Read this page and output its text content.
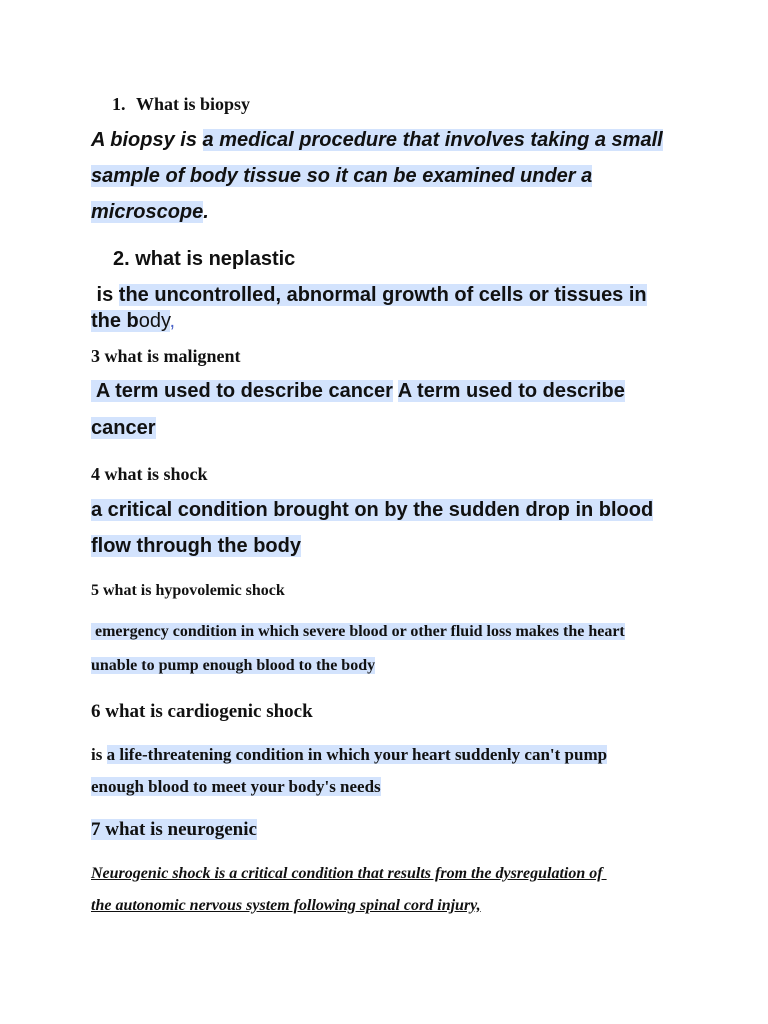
1. What is biopsy
A biopsy is a medical procedure that involves taking a small
sample of body tissue so it can be examined under a
microscope.
2. what is neplastic
is the uncontrolled, abnormal growth of cells or tissues in
the body,
3 what is malignent
A term used to describe cancer A term used to describe
cancer
4 what is shock
a critical condition brought on by the sudden drop in blood
flow through the body
5 what is hypovolemic shock
emergency condition in which severe blood or other fluid loss makes the heart
unable to pump enough blood to the body
6 what is cardiogenic shock
is a life-threatening condition in which your heart suddenly can't pump
enough blood to meet your body's needs
7 what is neurogenic
Neurogenic shock is a critical condition that results from the dysregulation of
the autonomic nervous system following spinal cord injury,
